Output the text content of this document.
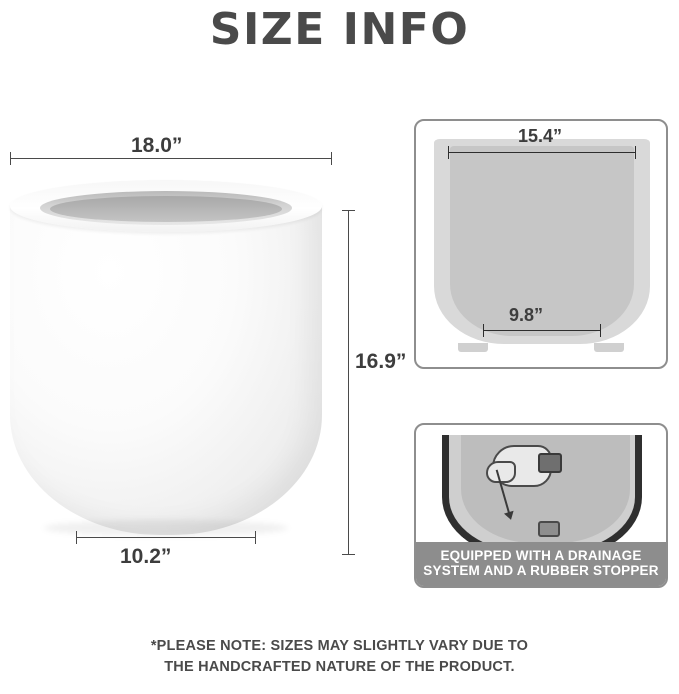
SIZE INFO
18.0”
16.9”
10.2”
15.4”
9.8”
EQUIPPED WITH A DRAINAGE
SYSTEM AND A RUBBER STOPPER
*PLEASE NOTE: SIZES MAY SLIGHTLY VARY DUE TO
THE HANDCRAFTED NATURE OF THE PRODUCT.
